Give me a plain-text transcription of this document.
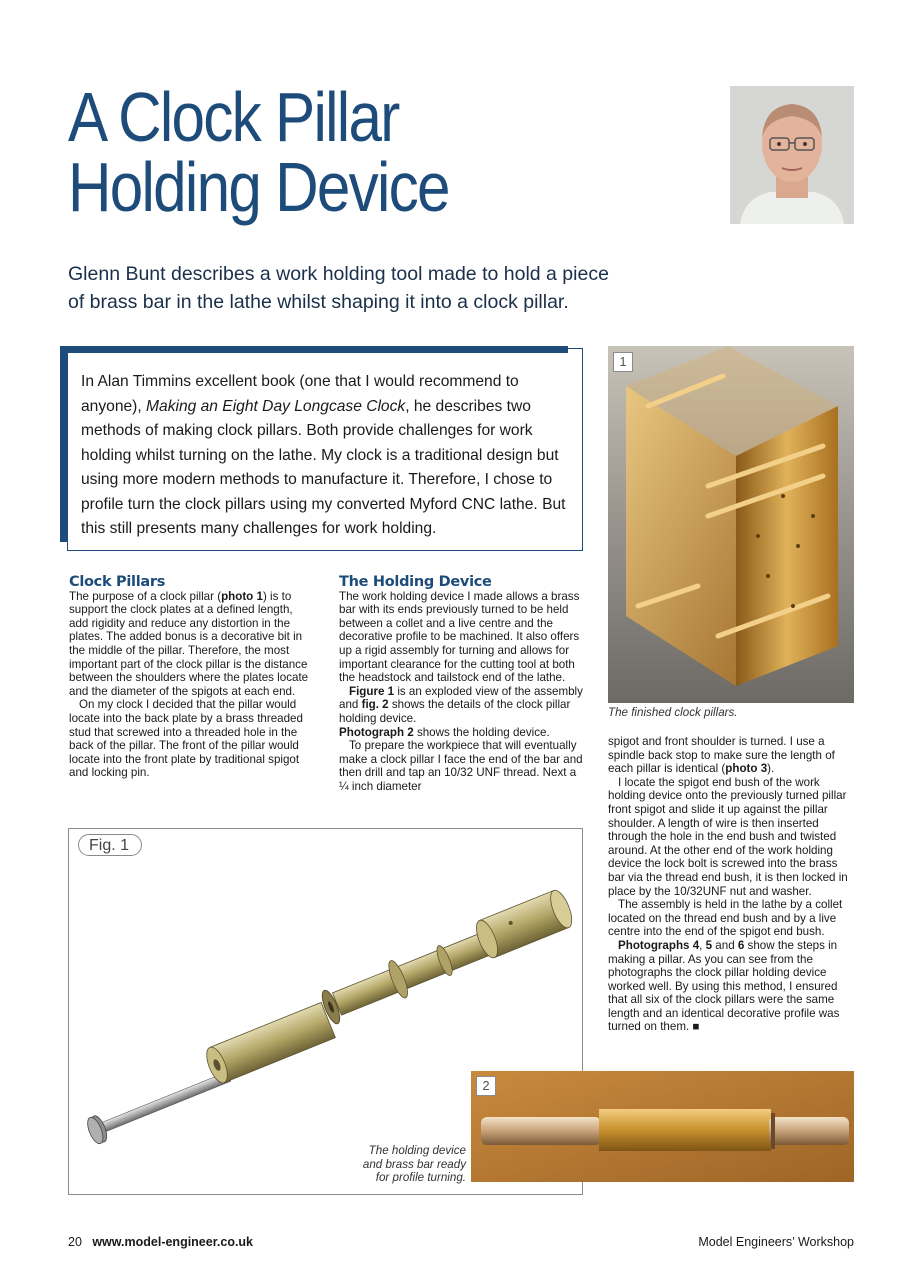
A Clock Pillar
Holding Device
Glenn Bunt describes a work holding tool made to hold a piece of brass bar in the lathe whilst shaping it into a clock pillar.
In Alan Timmins excellent book (one that I would recommend to anyone), Making an Eight Day Longcase Clock, he describes two methods of making clock pillars. Both provide challenges for work holding whilst turning on the lathe. My clock is a traditional design but using more modern methods to manufacture it. Therefore, I chose to profile turn the clock pillars using my converted Myford CNC lathe. But this still presents many challenges for work holding.
Clock Pillars

The purpose of a clock pillar (photo 1) is to support the clock plates at a defined length, add rigidity and reduce any distortion in the plates. The added bonus is a decorative bit in the middle of the pillar. Therefore, the most important part of the clock pillar is the distance between the shoulders where the plates locate and the diameter of the spigots at each end.

On my clock I decided that the pillar would locate into the back plate by a brass threaded stud that screwed into a threaded hole in the back of the pillar. The front of the pillar would locate into the front plate by traditional spigot and locking pin.

The Holding Device

The work holding device I made allows a brass bar with its ends previously turned to be held between a collet and a live centre and the decorative profile to be machined. It also offers up a rigid assembly for turning and allows for important clearance for the cutting tool at both the headstock and tailstock end of the lathe.

Figure 1 is an exploded view of the assembly and fig. 2 shows the details of the clock pillar holding device.

Photograph 2 shows the holding device.

To prepare the workpiece that will eventually make a clock pillar I face the end of the bar and then drill and tap an 10/32 UNF thread. Next a ¼ inch diameter

1
The finished clock pillars.

spigot and front shoulder is turned. I use a spindle back stop to make sure the length of each pillar is identical (photo 3).

I locate the spigot end bush of the work holding device onto the previously turned pillar front spigot and slide it up against the pillar shoulder. A length of wire is then inserted through the hole in the end bush and twisted around. At the other end of the work holding device the lock bolt is screwed into the brass bar via the thread end bush, it is then locked in place by the 10/32UNF nut and washer.

The assembly is held in the lathe by a collet located on the thread end bush and by a live centre into the end of the spigot end bush.

Photographs 4, 5 and 6 show the steps in making a pillar. As you can see from the photographs the clock pillar holding device worked well. By using this method, I ensured that all six of the clock pillars were the same length and an identical decorative profile was turned on them. ■

Fig. 1
2
The holding device
and brass bar ready
for profile turning.
20 www.model-engineer.co.uk	Model Engineers’ Workshop
